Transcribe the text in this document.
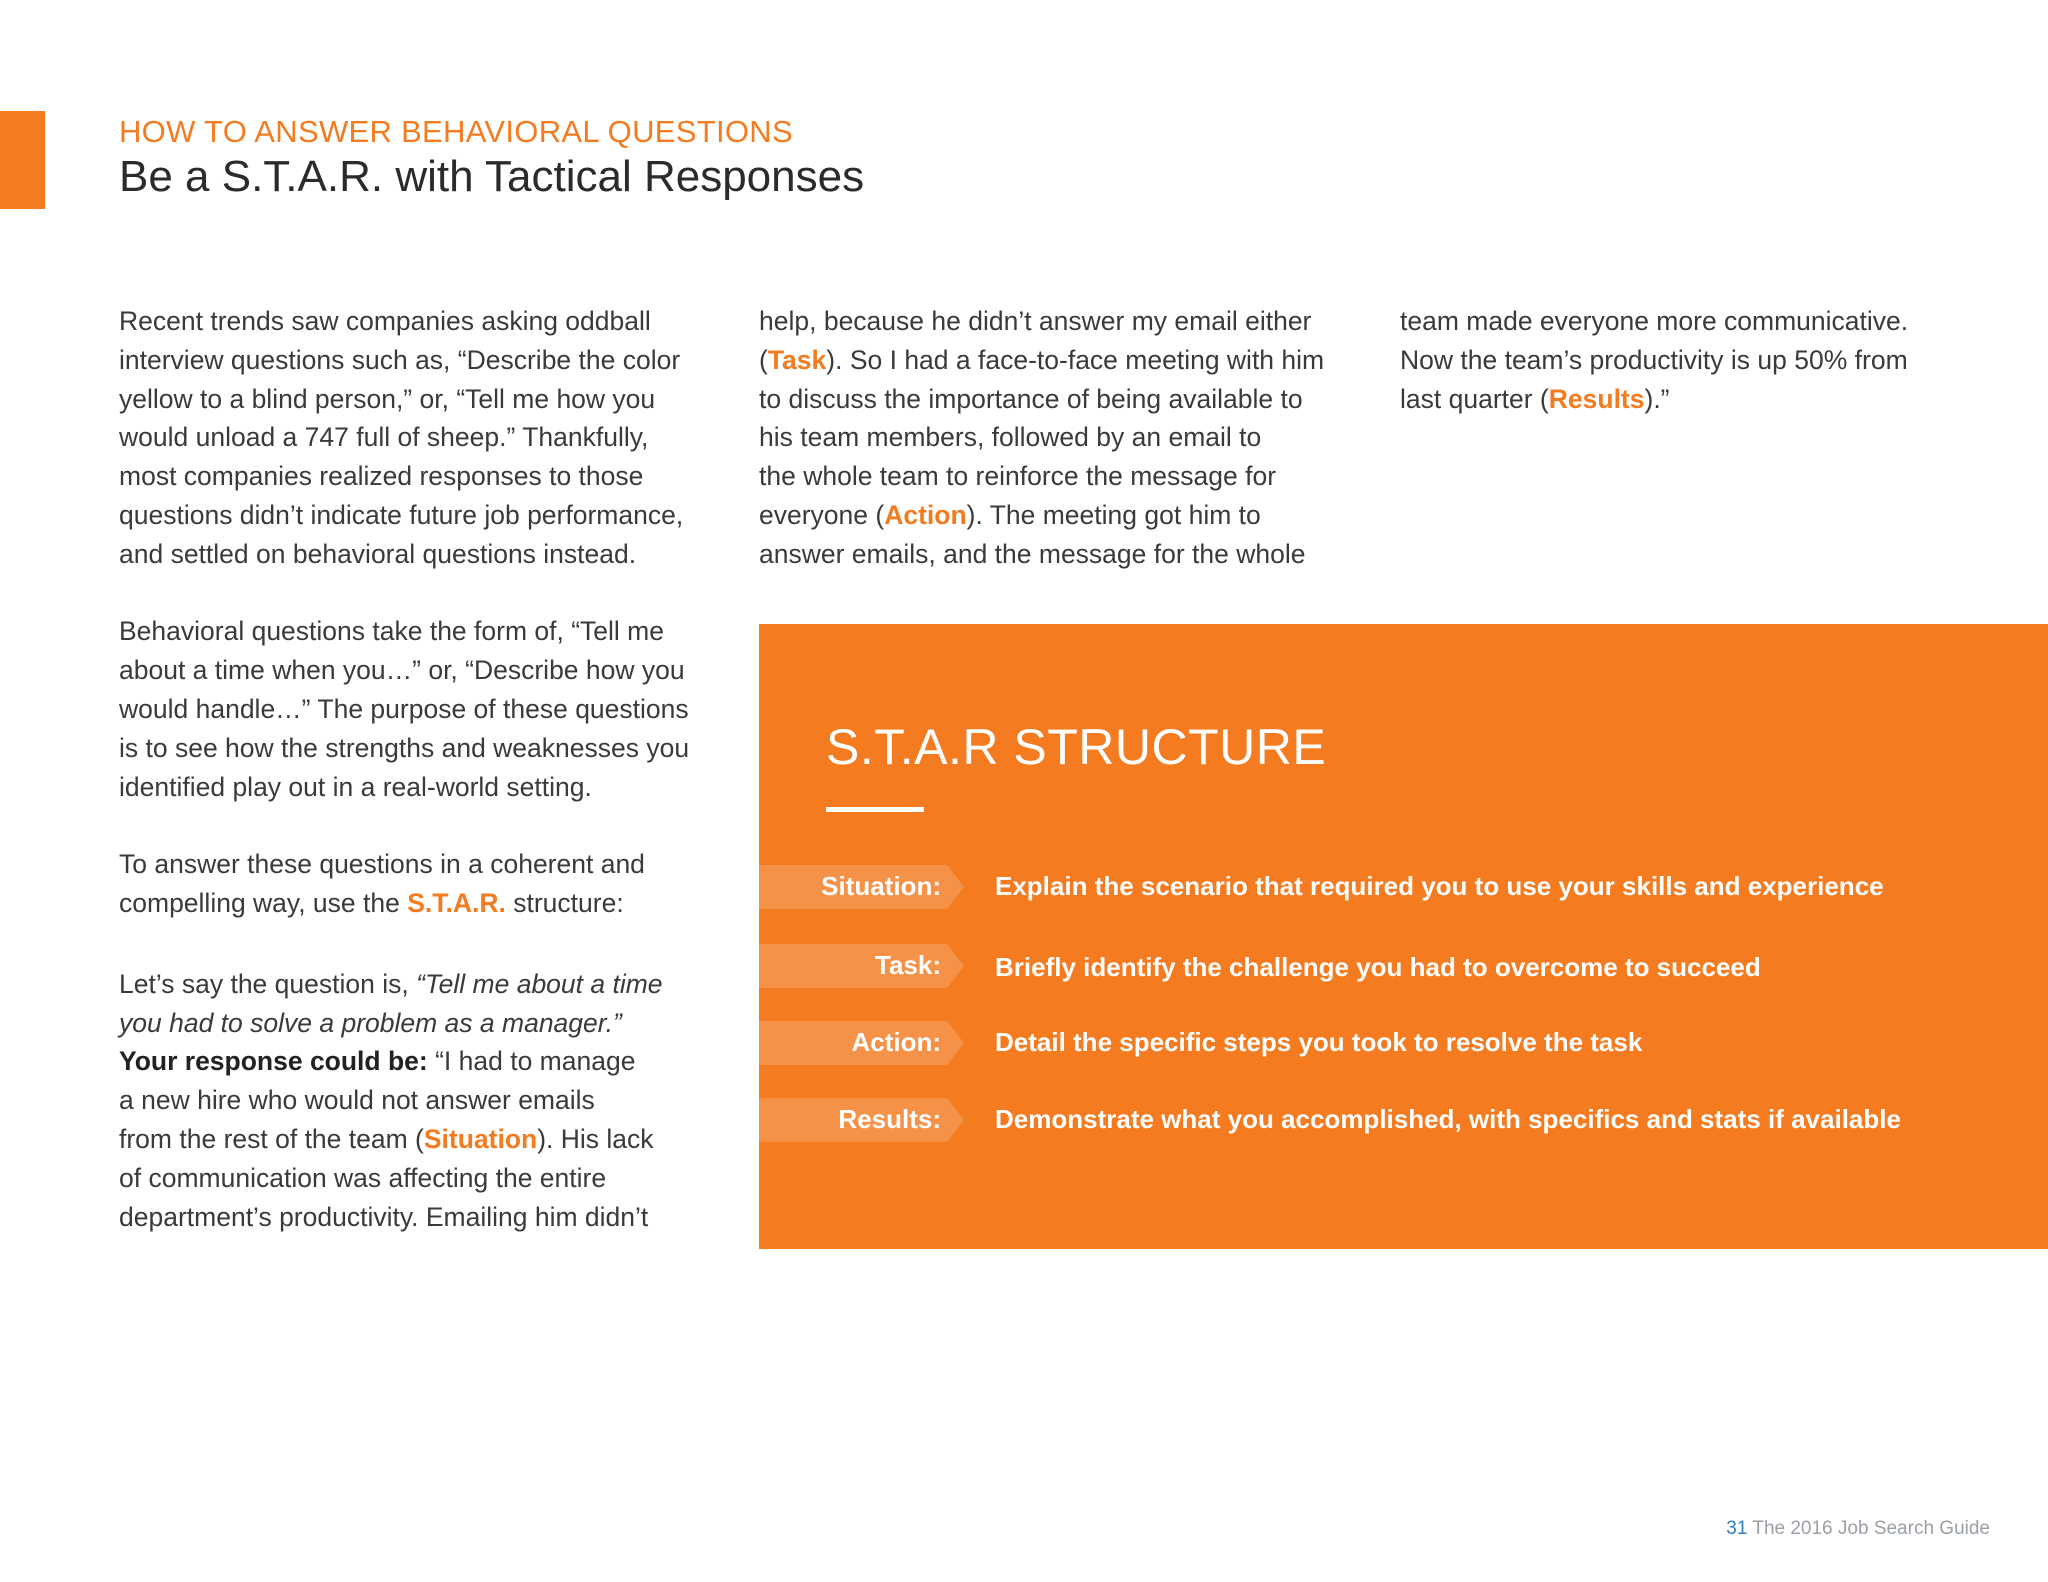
HOW TO ANSWER BEHAVIORAL QUESTIONS
Be a S.T.A.R. with Tactical Responses

Recent trends saw companies asking oddball
interview questions such as, “Describe the color
yellow to a blind person,” or, “Tell me how you
would unload a 747 full of sheep.” Thankfully,
most companies realized responses to those
questions didn’t indicate future job performance,
and settled on behavioral questions instead.

Behavioral questions take the form of, “Tell me
about a time when you…” or, “Describe how you
would handle…” The purpose of these questions
is to see how the strengths and weaknesses you
identified play out in a real-world setting.

To answer these questions in a coherent and
compelling way, use the S.T.A.R. structure:

Let’s say the question is, “Tell me about a time
you had to solve a problem as a manager.”
Your response could be: “I had to manage
a new hire who would not answer emails
from the rest of the team (Situation). His lack
of communication was affecting the entire
department’s productivity. Emailing him didn’t

help, because he didn’t answer my email either
(Task). So I had a face-to-face meeting with him
to discuss the importance of being available to
his team members, followed by an email to
the whole team to reinforce the message for
everyone (Action). The meeting got him to
answer emails, and the message for the whole

team made everyone more communicative.
Now the team’s productivity is up 50% from
last quarter (Results).”

S.T.A.R STRUCTURE
Situation: Explain the scenario that required you to use your skills and experience
Task: Briefly identify the challenge you had to overcome to succeed
Action: Detail the specific steps you took to resolve the task
Results: Demonstrate what you accomplished, with specifics and stats if available
31 The 2016 Job Search Guide
